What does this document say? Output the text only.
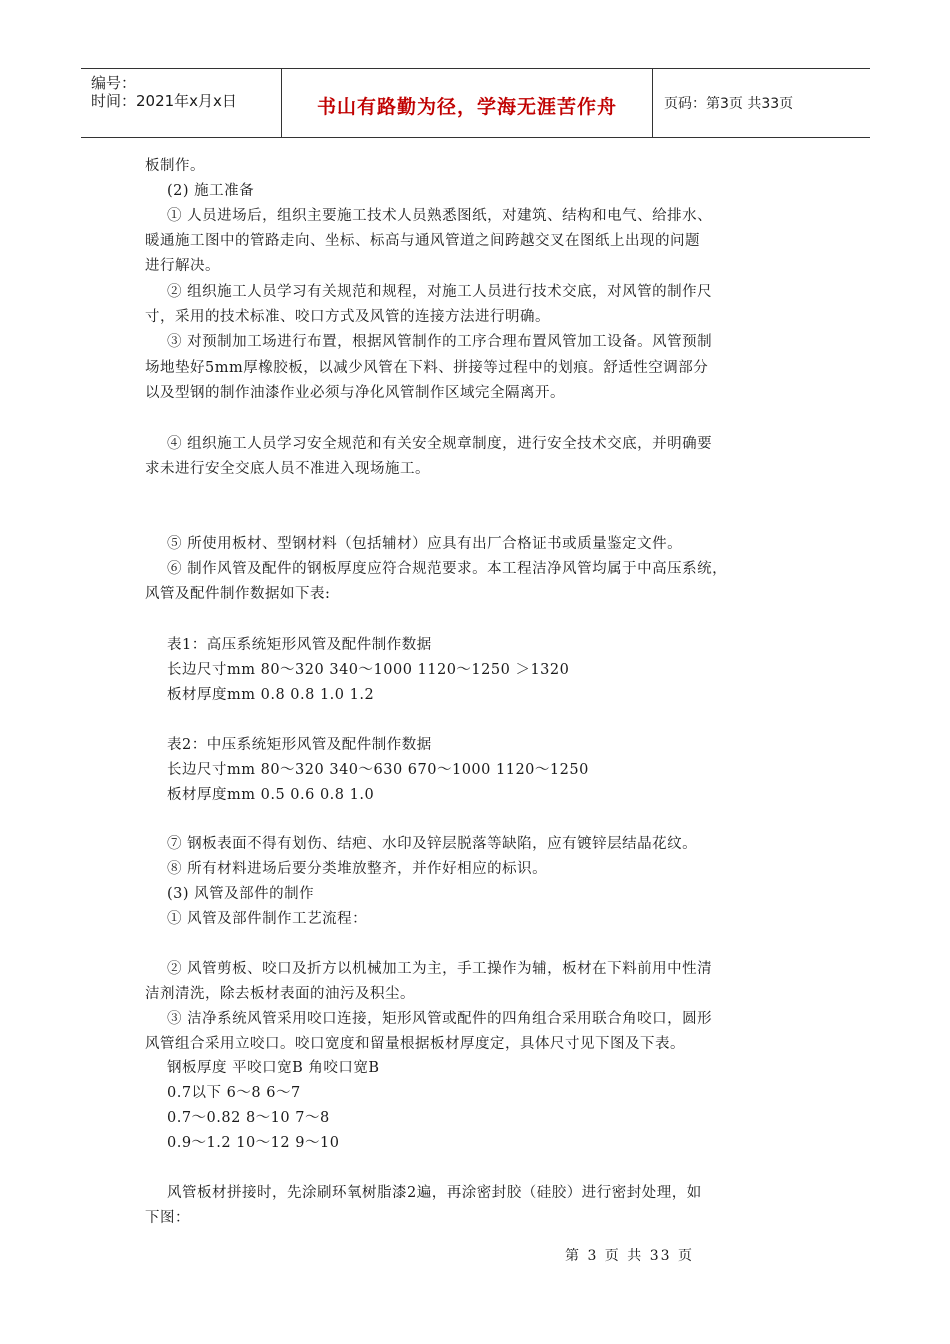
编号：
时间：2021年x月x日	书山有路勤为径，学海无涯苦作舟	页码：第3页 共33页
板制作。
(2) 施工准备
① 人员进场后，组织主要施工技术人员熟悉图纸，对建筑、结构和电气、给排水、
暖通施工图中的管路走向、坐标、标高与通风管道之间跨越交叉在图纸上出现的问题
进行解决。
② 组织施工人员学习有关规范和规程，对施工人员进行技术交底，对风管的制作尺
寸，采用的技术标准、咬口方式及风管的连接方法进行明确。
③ 对预制加工场进行布置，根据风管制作的工序合理布置风管加工设备。风管预制
场地垫好5mm厚橡胶板，以减少风管在下料、拼接等过程中的划痕。舒适性空调部分
以及型钢的制作油漆作业必须与净化风管制作区域完全隔离开。
④ 组织施工人员学习安全规范和有关安全规章制度，进行安全技术交底，并明确要
求未进行安全交底人员不准进入现场施工。
⑤ 所使用板材、型钢材料（包括辅材）应具有出厂合格证书或质量鉴定文件。
⑥ 制作风管及配件的钢板厚度应符合规范要求。本工程洁净风管均属于中高压系统，
风管及配件制作数据如下表:
表1：高压系统矩形风管及配件制作数据
长边尺寸mm 80～320 340～1000 1120～1250 ＞1320
板材厚度mm 0.8 0.8 1.0 1.2
表2：中压系统矩形风管及配件制作数据
长边尺寸mm 80～320 340～630 670～1000 1120～1250
板材厚度mm 0.5 0.6 0.8 1.0
⑦ 钢板表面不得有划伤、结疤、水印及锌层脱落等缺陷，应有镀锌层结晶花纹。
⑧ 所有材料进场后要分类堆放整齐，并作好相应的标识。
(3) 风管及部件的制作
① 风管及部件制作工艺流程：
② 风管剪板、咬口及折方以机械加工为主，手工操作为辅，板材在下料前用中性清
洁剂清洗，除去板材表面的油污及积尘。
③ 洁净系统风管采用咬口连接，矩形风管或配件的四角组合采用联合角咬口，圆形
风管组合采用立咬口。咬口宽度和留量根据板材厚度定，具体尺寸见下图及下表。
钢板厚度 平咬口宽B 角咬口宽B
0.7以下 6～8 6～7
0.7～0.82 8～10 7～8
0.9～1.2 10～12 9～10
风管板材拼接时，先涂刷环氧树脂漆2遍，再涂密封胶（硅胶）进行密封处理，如
下图：
第 3 页 共 33 页
